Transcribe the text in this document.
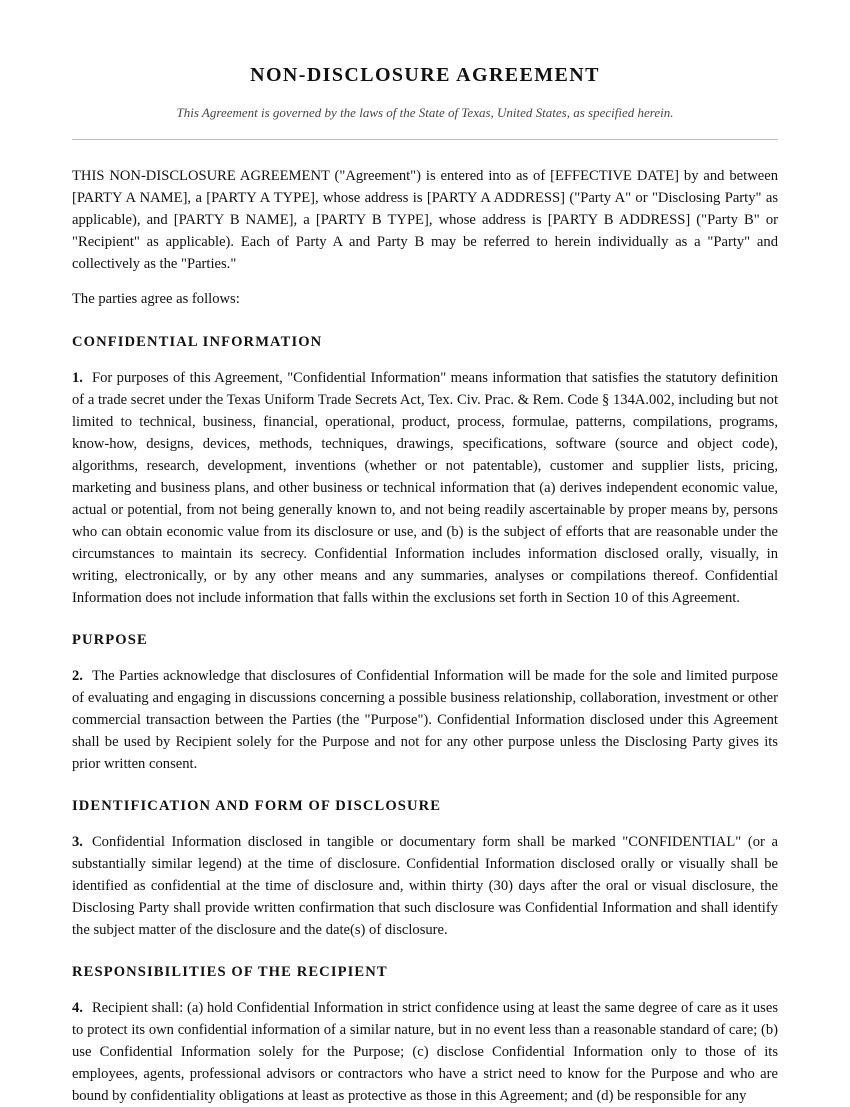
NON-DISCLOSURE AGREEMENT
This Agreement is governed by the laws of the State of Texas, United States, as specified herein.

THIS NON-DISCLOSURE AGREEMENT ("Agreement") is entered into as of [EFFECTIVE DATE] by and between [PARTY A NAME], a [PARTY A TYPE], whose address is [PARTY A ADDRESS] ("Party A" or "Disclosing Party" as applicable), and [PARTY B NAME], a [PARTY B TYPE], whose address is [PARTY B ADDRESS] ("Party B" or "Recipient" as applicable). Each of Party A and Party B may be referred to herein individually as a "Party" and collectively as the "Parties."

The parties agree as follows:

CONFIDENTIAL INFORMATION

1. For purposes of this Agreement, "Confidential Information" means information that satisfies the statutory definition of a trade secret under the Texas Uniform Trade Secrets Act, Tex. Civ. Prac. & Rem. Code § 134A.002, including but not limited to technical, business, financial, operational, product, process, formulae, patterns, compilations, programs, know-how, designs, devices, methods, techniques, drawings, specifications, software (source and object code), algorithms, research, development, inventions (whether or not patentable), customer and supplier lists, pricing, marketing and business plans, and other business or technical information that (a) derives independent economic value, actual or potential, from not being generally known to, and not being readily ascertainable by proper means by, persons who can obtain economic value from its disclosure or use, and (b) is the subject of efforts that are reasonable under the circumstances to maintain its secrecy. Confidential Information includes information disclosed orally, visually, in writing, electronically, or by any other means and any summaries, analyses or compilations thereof. Confidential Information does not include information that falls within the exclusions set forth in Section 10 of this Agreement.

PURPOSE

2. The Parties acknowledge that disclosures of Confidential Information will be made for the sole and limited purpose of evaluating and engaging in discussions concerning a possible business relationship, collaboration, investment or other commercial transaction between the Parties (the "Purpose"). Confidential Information disclosed under this Agreement shall be used by Recipient solely for the Purpose and not for any other purpose unless the Disclosing Party gives its prior written consent.

IDENTIFICATION AND FORM OF DISCLOSURE

3. Confidential Information disclosed in tangible or documentary form shall be marked "CONFIDENTIAL" (or a substantially similar legend) at the time of disclosure. Confidential Information disclosed orally or visually shall be identified as confidential at the time of disclosure and, within thirty (30) days after the oral or visual disclosure, the Disclosing Party shall provide written confirmation that such disclosure was Confidential Information and shall identify the subject matter of the disclosure and the date(s) of disclosure.

RESPONSIBILITIES OF THE RECIPIENT

4. Recipient shall: (a) hold Confidential Information in strict confidence using at least the same degree of care as it uses to protect its own confidential information of a similar nature, but in no event less than a reasonable standard of care; (b) use Confidential Information solely for the Purpose; (c) disclose Confidential Information only to those of its employees, agents, professional advisors or contractors who have a strict need to know for the Purpose and who are bound by confidentiality obligations at least as protective as those in this Agreement; and (d) be responsible for any
